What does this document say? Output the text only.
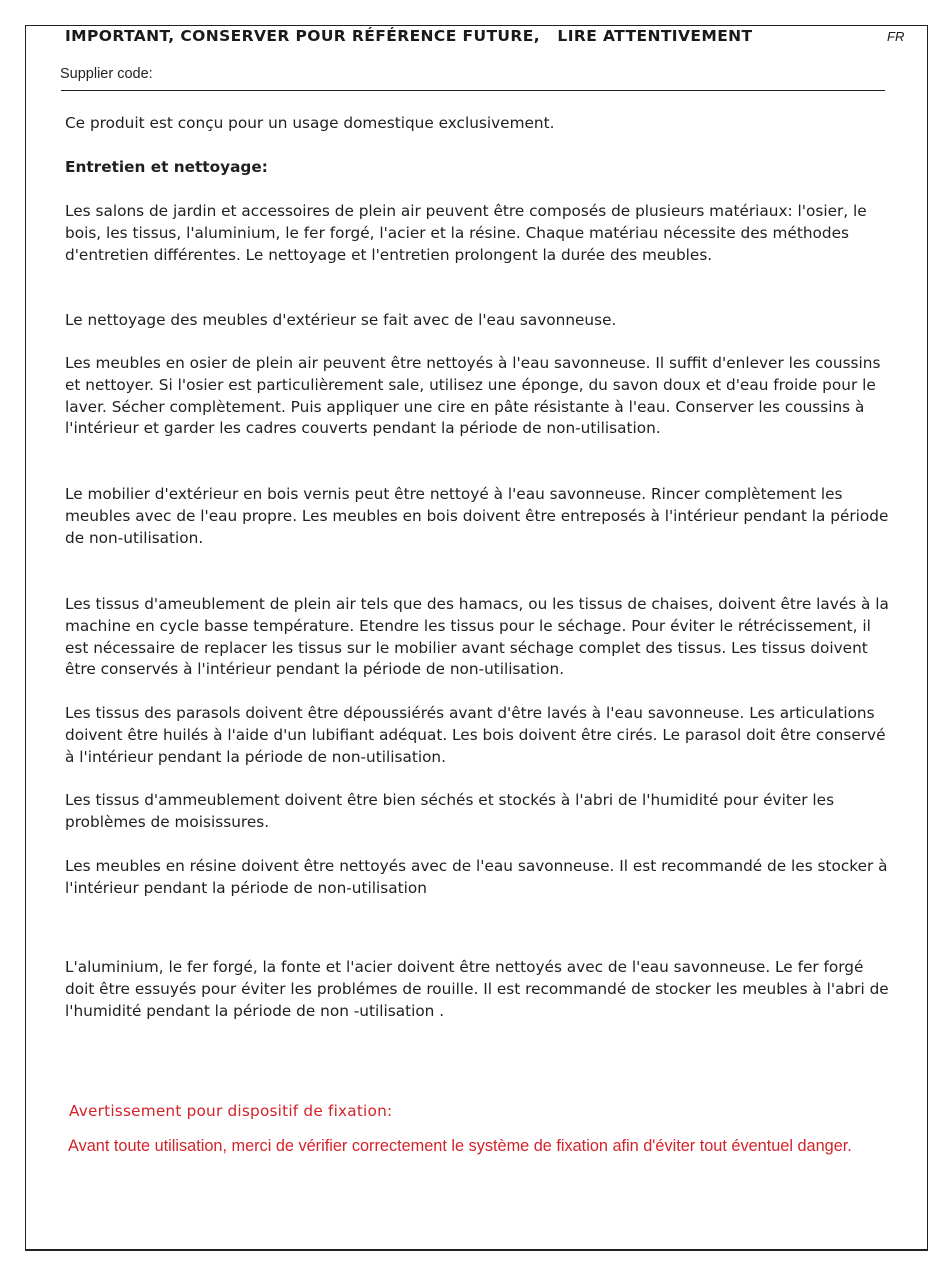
IMPORTANT, CONSERVER POUR RÉFÉRENCE FUTURE,   LIRE ATTENTIVEMENT	FR
Supplier code:

Ce produit est conçu pour un usage domestique exclusivement.

Entretien et nettoyage:

Les salons de jardin et accessoires de plein air peuvent être composés de plusieurs matériaux: l'osier, le bois, les tissus, l'aluminium, le fer forgé, l'acier et la résine. Chaque matériau nécessite des méthodes d'entretien différentes. Le nettoyage et l'entretien prolongent la durée des meubles.

Le nettoyage des meubles d'extérieur se fait avec de l'eau savonneuse.

Les meubles en osier de plein air peuvent être nettoyés à l'eau savonneuse. Il suffit d'enlever les coussins et nettoyer. Si l'osier est particulièrement sale, utilisez une éponge, du savon doux et d'eau froide pour le laver. Sécher complètement. Puis appliquer une cire en pâte résistante à l'eau. Conserver les coussins à l'intérieur et garder les cadres couverts pendant la période de non-utilisation.

Le mobilier d'extérieur en bois vernis peut être nettoyé à l'eau savonneuse. Rincer complètement les meubles avec de l'eau propre. Les meubles en bois doivent être entreposés à l'intérieur pendant la période de non-utilisation.

Les tissus d'ameublement de plein air tels que des hamacs, ou les tissus de chaises, doivent être lavés à la machine en cycle basse température. Etendre les tissus pour le séchage. Pour éviter le rétrécissement, il est nécessaire de replacer les tissus sur le mobilier avant séchage complet des tissus. Les tissus doivent être conservés à l'intérieur pendant la période de non-utilisation.

Les tissus des parasols doivent être dépoussiérés avant d'être lavés à l'eau savonneuse. Les articulations doivent être huilés à l'aide d'un lubifiant adéquat. Les bois doivent être cirés. Le parasol doit être conservé à l'intérieur pendant la période de non-utilisation.

Les tissus d'ammeublement doivent être bien séchés et stockés à l'abri de l'humidité pour éviter les problèmes de moisissures.

Les meubles en résine doivent être nettoyés avec de l'eau savonneuse. Il est recommandé de les stocker à l'intérieur pendant la période de non-utilisation

L'aluminium, le fer forgé, la fonte et l'acier doivent être nettoyés avec de l'eau savonneuse. Le fer forgé doit être essuyés pour éviter les problémes de rouille. Il est recommandé de stocker les meubles à l'abri de l'humidité pendant la période de non -utilisation .

Avertissement pour dispositif de fixation:
Avant toute utilisation, merci de vérifier correctement le système de fixation afin d'éviter tout éventuel danger.
